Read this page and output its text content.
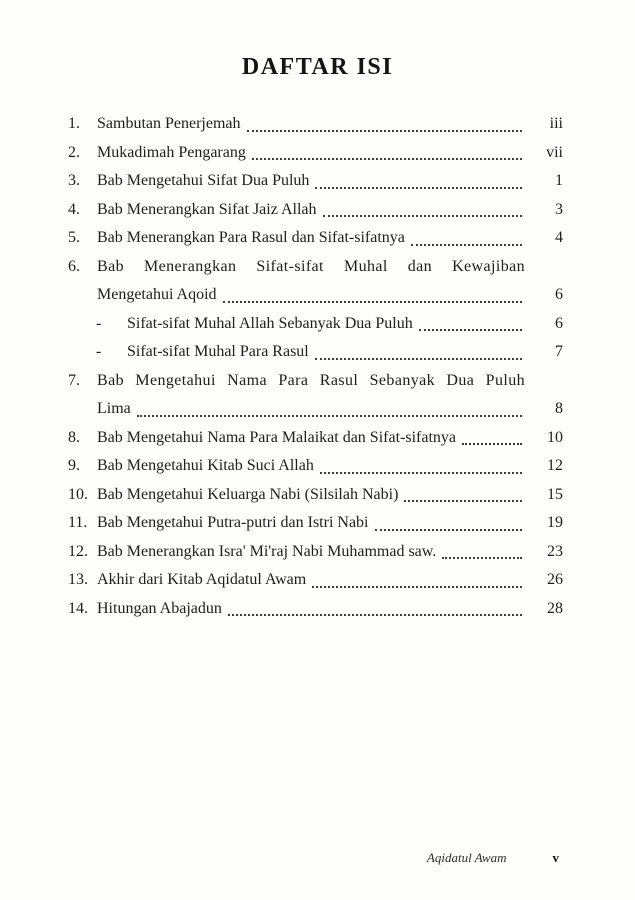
DAFTAR ISI
1.	Sambutan Penerjemah	iii
2.	Mukadimah Pengarang	vii
3.	Bab Mengetahui Sifat Dua Puluh	1
4.	Bab Menerangkan Sifat Jaiz Allah	3
5.	Bab Menerangkan Para Rasul dan Sifat-sifatnya	4
6.	Bab Menerangkan Sifat-sifat Muhal dan Kewajiban
Mengetahui Aqoid	6
-	Sifat-sifat Muhal Allah Sebanyak Dua Puluh	6
-	Sifat-sifat Muhal Para Rasul	7
7.	Bab Mengetahui Nama Para Rasul Sebanyak Dua Puluh
Lima	8
8.	Bab Mengetahui Nama Para Malaikat dan Sifat-sifatnya	10
9.	Bab Mengetahui Kitab Suci Allah	12
10. Bab Mengetahui Keluarga Nabi (Silsilah Nabi)	15
11. Bab Mengetahui Putra-putri dan Istri Nabi	19
12. Bab Menerangkan Isra' Mi'raj Nabi Muhammad saw.	23
13. Akhir dari Kitab Aqidatul Awam	26
14. Hitungan Abajadun	28
Aqidatul Awam	v
